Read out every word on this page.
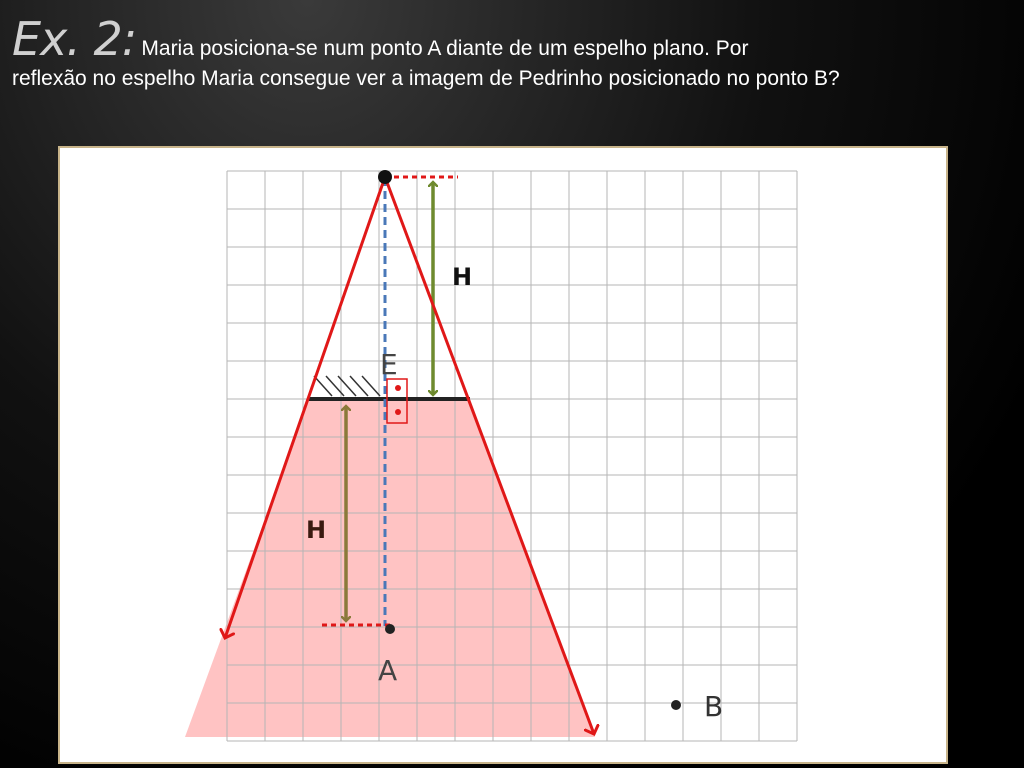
Ex. 2: Maria posiciona-se num ponto A diante de um espelho plano. Por

reflexão no espelho Maria consegue ver a imagem de Pedrinho posicionado no ponto B?

H
H
E
A
B
